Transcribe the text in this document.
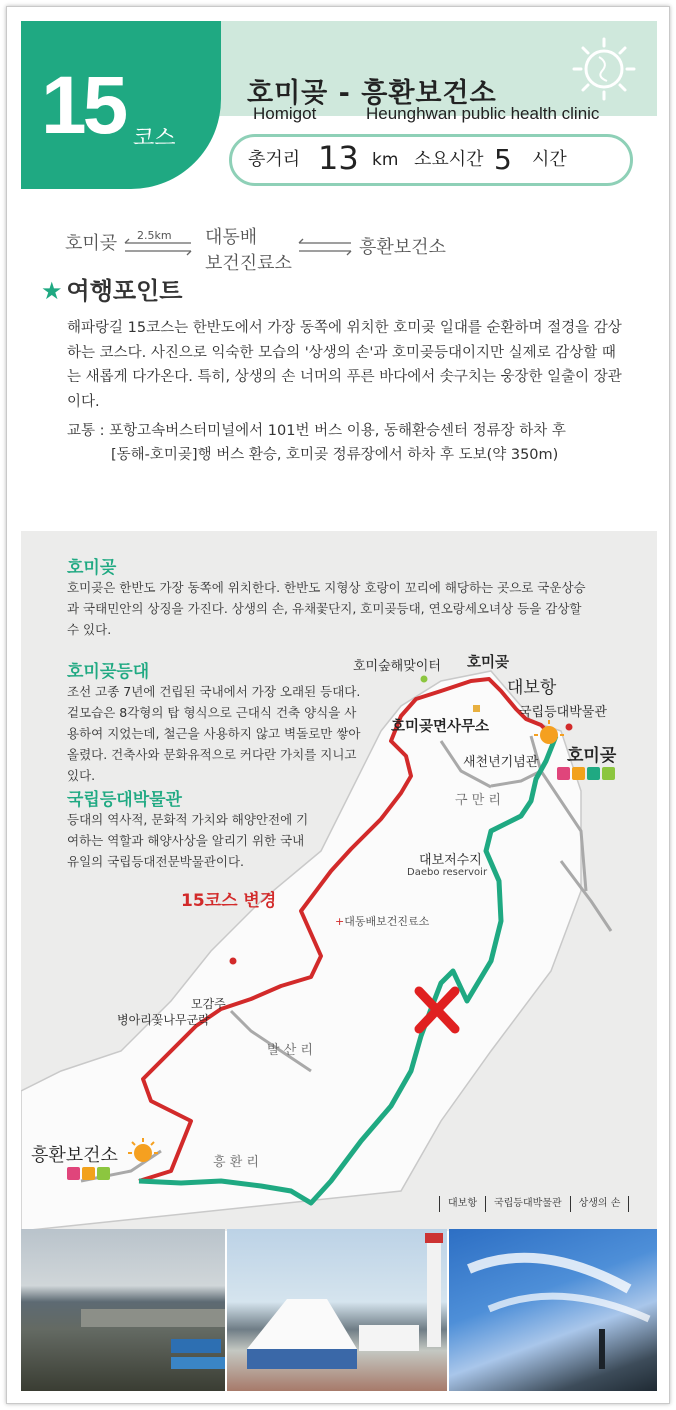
15 코스
호미곶 - 흥환보건소
Homigot	Heunghwan public health clinic
총거리 13 km 소요시간 5 시간
호미곶 2.5km 대동배
보건진료소
흥환보건소
★ 여행포인트
해파랑길 15코스는 한반도에서 가장 동쪽에 위치한 호미곶 일대를 순환하며 절경을 감상하는 코스다. 사진으로 익숙한 모습의 '상생의 손'과 호미곶등대이지만 실제로 감상할 때는 새롭게 다가온다. 특히, 상생의 손 너머의 푸른 바다에서 솟구치는 웅장한 일출이 장관이다.
교통 : 포항고속버스터미널에서 101번 버스 이용, 동해환승센터 정류장 하차 후
[동해-호미곶]행 버스 환승, 호미곶 정류장에서 하차 후 도보(약 350m)
호미곶
호미곶은 한반도 가장 동쪽에 위치한다. 한반도 지형상 호랑이 꼬리에 해당하는 곳으로 국운상승과 국태민안의 상징을 가진다. 상생의 손, 유채꽃단지, 호미곶등대, 연오랑세오녀상 등을 감상할 수 있다.
호미곶등대
조선 고종 7년에 건립된 국내에서 가장 오래된 등대다. 겉모습은 8각형의 탑 형식으로 근대식 건축 양식을 사용하여 지었는데, 철근을 사용하지 않고 벽돌로만 쌓아올렸다. 건축사와 문화유적으로 커다란 가치를 지니고 있다.
국립등대박물관
등대의 역사적, 문화적 가치와 해양안전에 기여하는 역할과 해양사상을 알리기 위한 국내 유일의 국립등대전문박물관이다.
호미숲해맞이터 호미곶
대보항
국립등대박물관
호미곶면사무소
새천년기념관 호미곶
구 만 리
대보저수지
Daebo reservoir
15코스 변경
+대동배보건진료소
모감주
병아리꽃나무군락
발 산 리
흥 환 리
흥환보건소
대보항	국립등대박물관	상생의 손
